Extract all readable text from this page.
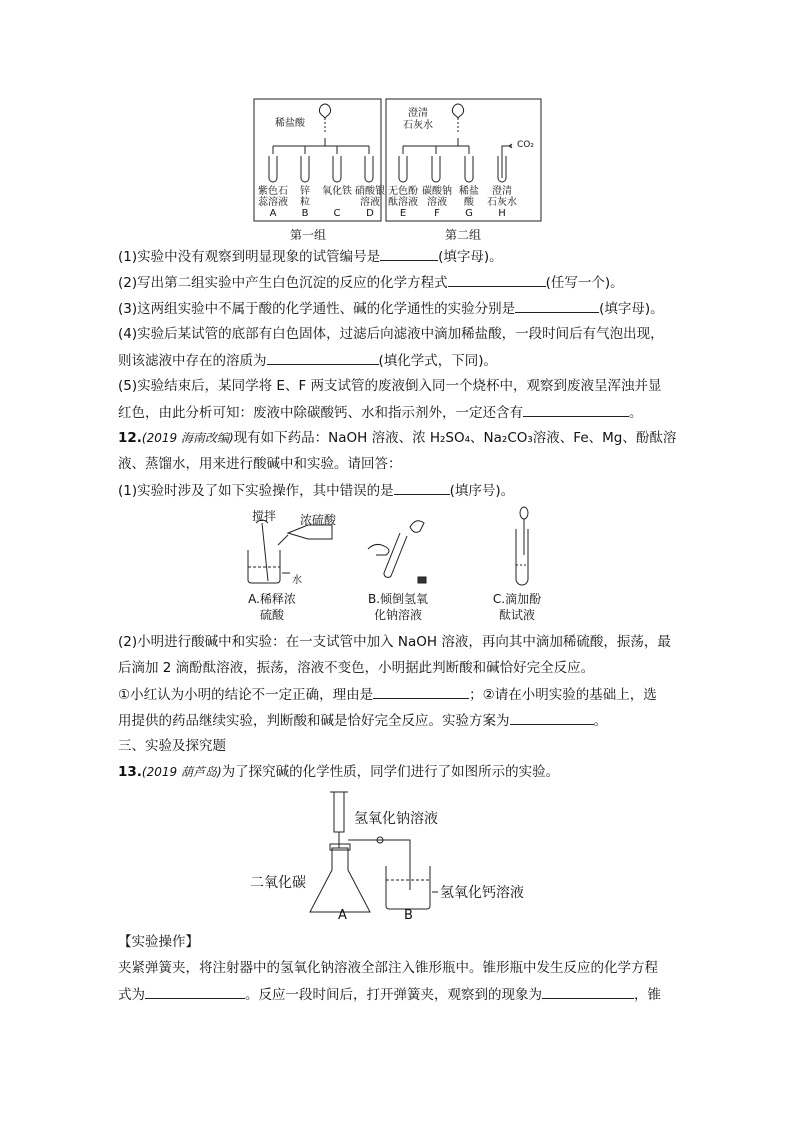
稀盐酸
澄清
石灰水
CO₂
紫色石
蕊溶液
A
锌
粒
B
氧化铁

C
硝酸银
溶液
D
无色酚
酞溶液
E
碳酸钠
溶液
F
稀盐
酸
G
澄清
石灰水
H
第一组	第二组
(1)实验中没有观察到明显现象的试管编号是	(填字母)。
(2)写出第二组实验中产生白色沉淀的反应的化学方程式	(任写一个)。
(3)这两组实验中不属于酸的化学通性、碱的化学通性的实验分别是	(填字母)。
(4)实验后某试管的底部有白色固体，过滤后向滤液中滴加稀盐酸，一段时间后有气泡出现，
则该滤液中存在的溶质为	(填化学式，下同)。
(5)实验结束后，某同学将 E、F 两支试管的废液倒入同一个烧杯中，观察到废液呈浑浊并显
红色，由此分析可知：废液中除碳酸钙、水和指示剂外，一定还含有	。
12.(2019 海南改编)现有如下药品：NaOH 溶液、浓 H₂SO₄、Na₂CO₃溶液、Fe、Mg、酚酞溶
液、蒸馏水，用来进行酸碱中和实验。请回答：
(1)实验时涉及了如下实验操作，其中错误的是	(填序号)。
搅拌 浓硫酸
水
A.稀释浓
硫酸
B.倾倒氢氧
化钠溶液
C.滴加酚
酞试液
(2)小明进行酸碱中和实验：在一支试管中加入 NaOH 溶液，再向其中滴加稀硫酸，振荡，最
后滴加 2 滴酚酞溶液，振荡，溶液不变色，小明据此判断酸和碱恰好完全反应。
①小红认为小明的结论不一定正确，理由是	；②请在小明实验的基础上，选
用提供的药品继续实验，判断酸和碱是恰好完全反应。实验方案为	。
三、实验及探究题
13.(2019 葫芦岛)为了探究碱的化学性质，同学们进行了如图所示的实验。
氢氧化钠溶液
二氧化碳
氢氧化钙溶液
A	B
【实验操作】
夹紧弹簧夹，将注射器中的氢氧化钠溶液全部注入锥形瓶中。锥形瓶中发生反应的化学方程
式为	。反应一段时间后，打开弹簧夹，观察到的现象为	，锥
